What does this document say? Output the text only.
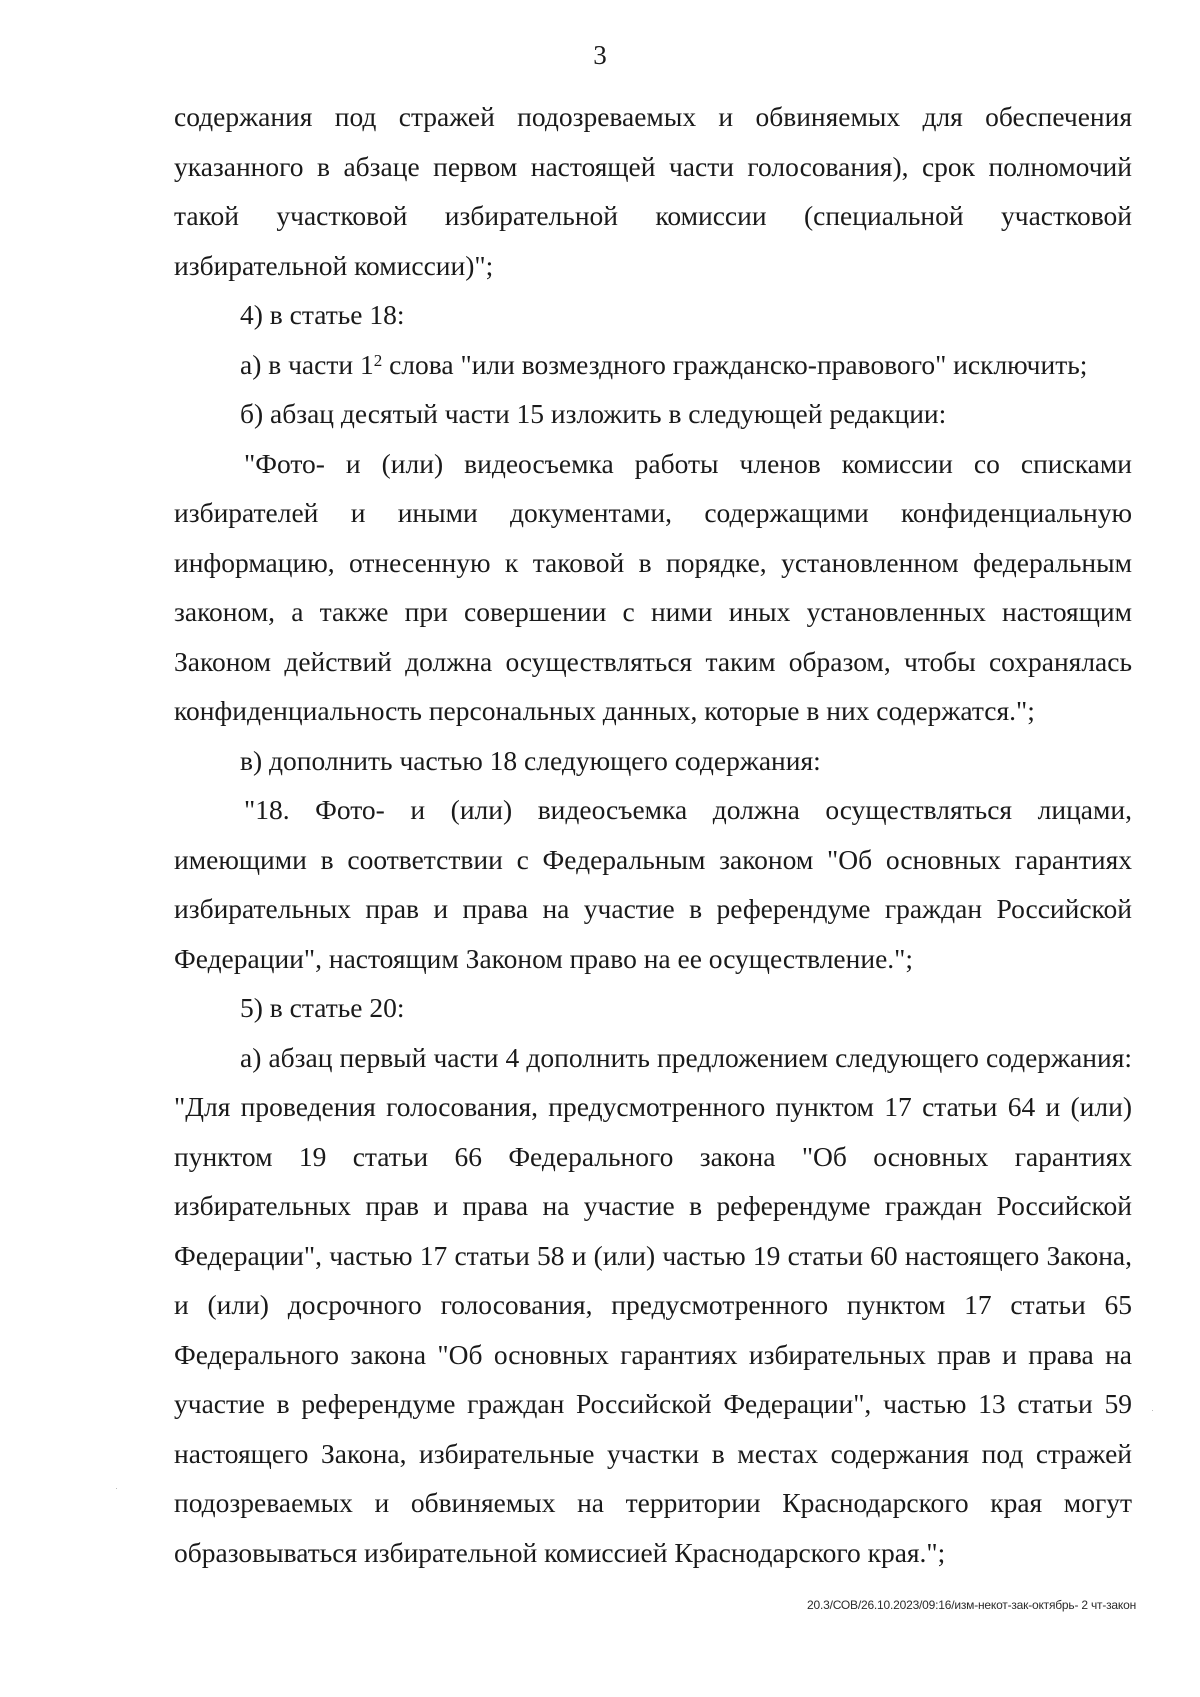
3

содержания под стражей подозреваемых и обвиняемых для обеспечения указанного в абзаце первом настоящей части голосования), срок полномочий такой участковой избирательной комиссии (специальной участковой избирательной комиссии)";

4) в статье 18:

а) в части $1^2$ слова "или возмездного гражданско-правового" исключить;

б) абзац десятый части 15 изложить в следующей редакции:

"Фото- и (или) видеосъемка работы членов комиссии со списками избирателей и иными документами, содержащими конфиденциальную информацию, отнесенную к таковой в порядке, установленном федеральным законом, а также при совершении с ними иных установленных настоящим Законом действий должна осуществляться таким образом, чтобы сохранялась конфиденциальность персональных данных, которые в них содержатся.";

в) дополнить частью 18 следующего содержания:

"18. Фото- и (или) видеосъемка должна осуществляться лицами, имеющими в соответствии с Федеральным законом "Об основных гарантиях избирательных прав и права на участие в референдуме граждан Российской Федерации", настоящим Законом право на ее осуществление.";

5) в статье 20:

а) абзац первый части 4 дополнить предложением следующего содержания: "Для проведения голосования, предусмотренного пунктом 17 статьи 64 и (или) пунктом 19 статьи 66 Федерального закона "Об основных гарантиях избирательных прав и права на участие в референдуме граждан Российской Федерации", частью 17 статьи 58 и (или) частью 19 статьи 60 настоящего Закона, и (или) досрочного голосования, предусмотренного пунктом 17 статьи 65 Федерального закона "Об основных гарантиях избирательных прав и права на участие в референдуме граждан Российской Федерации", частью 13 статьи 59 настоящего Закона, избирательные участки в местах содержания под стражей подозреваемых и обвиняемых на территории Краснодарского края могут образовываться избирательной комиссией Краснодарского края.";

20.3/СОВ/26.10.2023/09:16/изм-некот-зак-октябрь- 2 чт-закон
